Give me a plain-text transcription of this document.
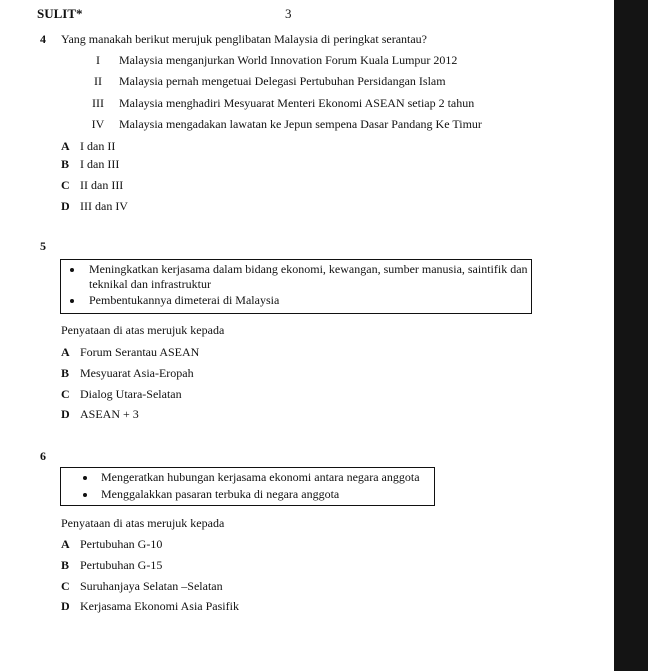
SULIT*	3
4 Yang manakah berikut merujuk penglibatan Malaysia di peringkat serantau?
I	Malaysia menganjurkan World Innovation Forum Kuala Lumpur 2012
II	Malaysia pernah mengetuai Delegasi Pertubuhan Persidangan Islam
III	Malaysia menghadiri Mesyuarat Menteri Ekonomi ASEAN setiap 2 tahun
IV	Malaysia mengadakan lawatan ke Jepun sempena Dasar Pandang Ke Timur
A I dan II
B I dan III
C II dan III
D III dan IV
5
Meningkatkan kerjasama dalam bidang ekonomi, kewangan, sumber manusia, saintifik dan
teknikal dan infrastruktur
Pembentukannya dimeterai di Malaysia
Penyataan di atas merujuk kepada
A Forum Serantau ASEAN
B Mesyuarat Asia-Eropah
C Dialog Utara-Selatan
D ASEAN + 3
6
Mengeratkan hubungan kerjasama ekonomi antara negara anggota
Menggalakkan pasaran terbuka di negara anggota
Penyataan di atas merujuk kepada
A Pertubuhan G-10
B Pertubuhan G-15
C Suruhanjaya Selatan –Selatan
D Kerjasama Ekonomi Asia Pasifik
